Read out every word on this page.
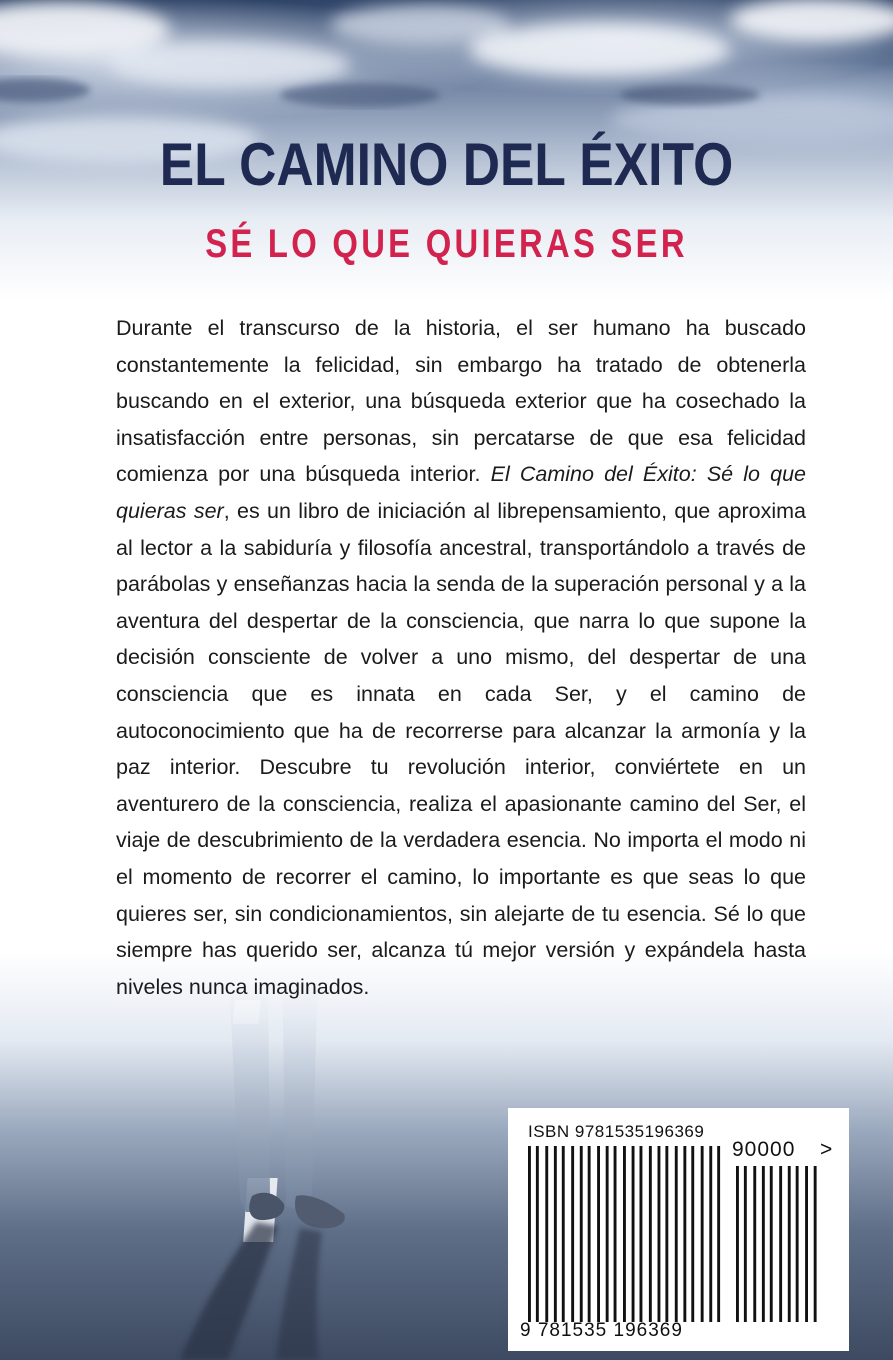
EL CAMINO DEL ÉXITO
SÉ LO QUE QUIERAS SER

Durante el transcurso de la historia, el ser humano ha buscado constantemente la felicidad, sin embargo ha tratado de obtenerla buscando en el exterior, una búsqueda exterior que ha cosechado la insatisfacción entre personas, sin percatarse de que esa felicidad comienza por una búsqueda interior. El Camino del Éxito: Sé lo que quieras ser, es un libro de iniciación al librepensamiento, que aproxima al lector a la sabiduría y filosofía ancestral, transportándolo a través de parábolas y enseñanzas hacia la senda de la superación personal y a la aventura del despertar de la consciencia, que narra lo que supone la decisión consciente de volver a uno mismo, del despertar de una consciencia que es innata en cada Ser, y el camino de autoconocimiento que ha de recorrerse para alcanzar la armonía y la paz interior. Descubre tu revolución interior, conviértete en un aventurero de la consciencia, realiza el apasionante camino del Ser, el viaje de descubrimiento de la verdadera esencia. No importa el modo ni el momento de recorrer el camino, lo importante es que seas lo que quieres ser, sin condicionamientos, sin alejarte de tu esencia. Sé lo que siempre has querido ser, alcanza tú mejor versión y expándela hasta niveles nunca imaginados.

ISBN 9781535196369
90000 >
9 781535 196369
